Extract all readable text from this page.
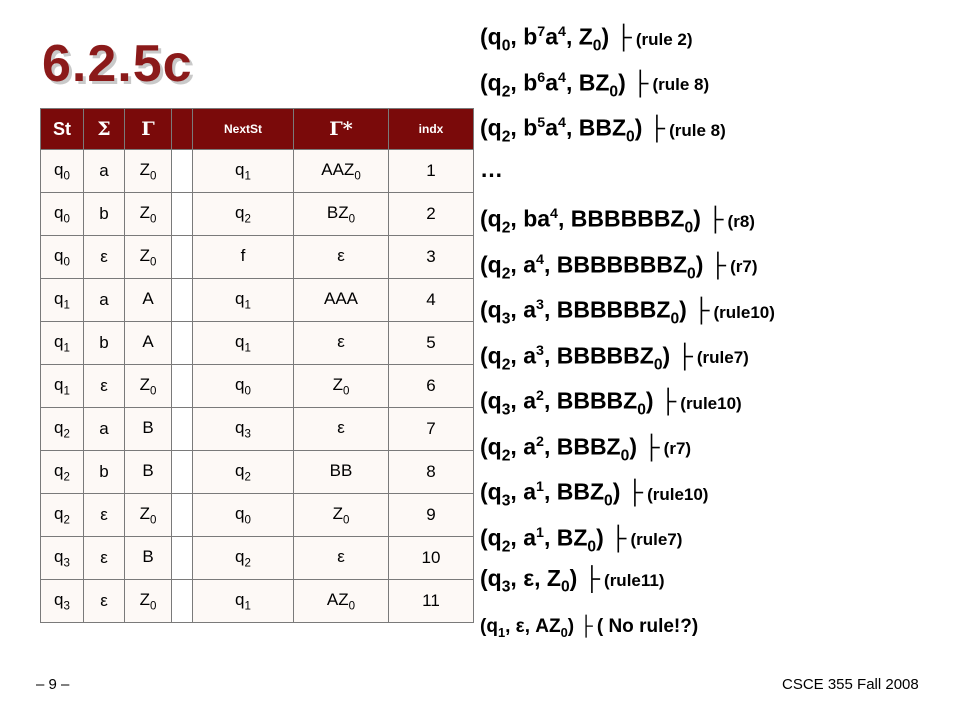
6.2.5c
St	Σ	Γ		NextSt	Γ*	indx
$q_0$	a	$Z_0$		$q_1$	$AAZ_0$	1
$q_0$	b	$Z_0$		$q_2$	$BZ_0$	2
$q_0$	ε	$Z_0$		f	ε	3
$q_1$	a	A		$q_1$	AAA	4
$q_1$	b	A		$q_1$	ε	5
$q_1$	ε	$Z_0$		$q_0$	$Z_0$	6
$q_2$	a	B		$q_3$	ε	7
$q_2$	b	B		$q_2$	BB	8
$q_2$	ε	$Z_0$		$q_0$	$Z_0$	9
$q_3$	ε	B		$q_2$	ε	10
$q_3$	ε	$Z_0$		$q_1$	$AZ_0$	11
($q_0$, $b^7a^4$, $Z_0$) ├ (rule 2)
($q_2$, $b^6a^4$, $BZ_0$) ├ (rule 8)
($q_2$, $b^5a^4$, $BBZ_0$) ├ (rule 8)
…
($q_2$, $ba^4$, $BBBBBBZ_0$) ├ (r8)
($q_2$, $a^4$, $BBBBBBBZ_0$) ├ (r7)
($q_3$, $a^3$, $BBBBBBZ_0$) ├ (rule10)
($q_2$, $a^3$, $BBBBBZ_0$) ├ (rule7)
($q_3$, $a^2$, $BBBBZ_0$) ├ (rule10)
($q_2$, $a^2$, $BBBZ_0$) ├ (r7)
($q_3$, $a^1$, $BBZ_0$) ├ (rule10)
($q_2$, $a^1$, $BZ_0$) ├ (rule7)
($q_3$, ε, $Z_0$) ├ (rule11)
($q_1$, ε, $AZ_0$) ├ ( No rule!?)
– 9 –	CSCE 355 Fall 2008
